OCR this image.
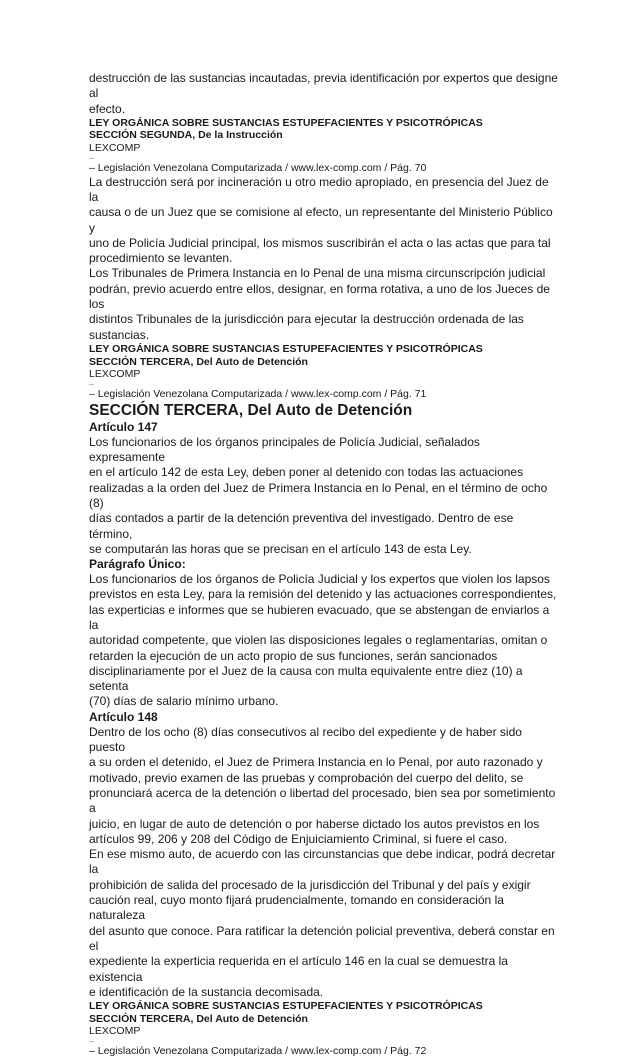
destrucción de las sustancias incautadas, previa identificación por expertos que designe al
efecto.

LEY ORGÁNICA SOBRE SUSTANCIAS ESTUPEFACIENTES Y PSICOTRÓPICAS

SECCIÓN SEGUNDA, De la Instrucción

LEXCOMP

—

– Legislación Venezolana Computarizada / www.lex-comp.com / Pág. 70

La destrucción será por incineración u otro medio apropiado, en presencia del Juez de la
causa o de un Juez que se comisione al efecto, un representante del Ministerio Público y
uno de Policía Judicial principal, los mismos suscribirán el acta o las actas que para tal
procedimiento se levanten.

Los Tribunales de Primera Instancia en lo Penal de una misma circunscripción judicial
podrán, previo acuerdo entre ellos, designar, en forma rotativa, a uno de los Jueces de los
distintos Tribunales de la jurisdicción para ejecutar la destrucción ordenada de las
sustancias.

LEY ORGÁNICA SOBRE SUSTANCIAS ESTUPEFACIENTES Y PSICOTRÓPICAS

SECCIÓN TERCERA, Del Auto de Detención

LEXCOMP

—

– Legislación Venezolana Computarizada / www.lex-comp.com / Pág. 71

SECCIÓN TERCERA, Del Auto de Detención

Artículo 147

Los funcionarios de los órganos principales de Policía Judicial, señalados expresamente
en el artículo 142 de esta Ley, deben poner al detenido con todas las actuaciones
realizadas a la orden del Juez de Primera Instancia en lo Penal, en el término de ocho (8)
días contados a partir de la detención preventiva del investigado. Dentro de ese término,
se computarán las horas que se precisan en el artículo 143 de esta Ley.

Parágrafo Único:

Los funcionarios de los órganos de Policía Judicial y los expertos que violen los lapsos
previstos en esta Ley, para la remisión del detenido y las actuaciones correspondientes,
las experticias e informes que se hubieren evacuado, que se abstengan de enviarlos a la
autoridad competente, que violen las disposiciones legales o reglamentarias, omitan o
retarden la ejecución de un acto propio de sus funciones, serán sancionados
disciplinariamente por el Juez de la causa con multa equivalente entre diez (10) a setenta
(70) días de salario mínimo urbano.

Artículo 148

Dentro de los ocho (8) días consecutivos al recibo del expediente y de haber sido puesto
a su orden el detenido, el Juez de Primera Instancia en lo Penal, por auto razonado y
motivado, previo examen de las pruebas y comprobación del cuerpo del delito, se
pronunciará acerca de la detención o libertad del procesado, bien sea por sometimiento a
juicio, en lugar de auto de detención o por haberse dictado los autos previstos en los
artículos 99, 206 y 208 del Código de Enjuiciamiento Criminal, si fuere el caso.

En ese mismo auto, de acuerdo con las circunstancias que debe indicar, podrá decretar la
prohibición de salida del procesado de la jurisdicción del Tribunal y del país y exigir
caución real, cuyo monto fijará prudencialmente, tomando en consideración la naturaleza
del asunto que conoce. Para ratificar la detención policial preventiva, deberá constar en el
expediente la experticia requerida en el artículo 146 en la cual se demuestra la existencia
e identificación de la sustancia decomisada.

LEY ORGÁNICA SOBRE SUSTANCIAS ESTUPEFACIENTES Y PSICOTRÓPICAS

SECCIÓN TERCERA, Del Auto de Detención

LEXCOMP

—

– Legislación Venezolana Computarizada / www.lex-comp.com / Pág. 72
